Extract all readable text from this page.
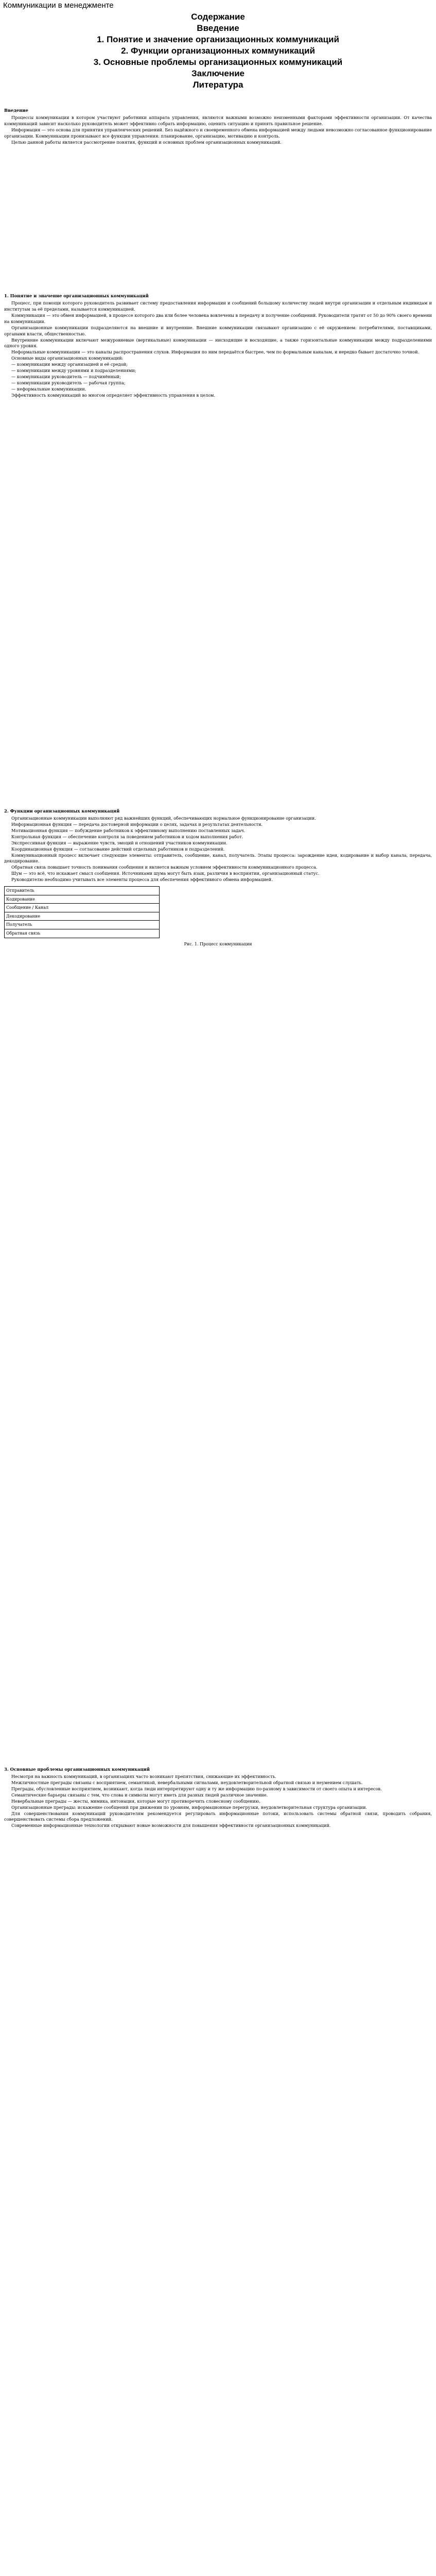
Коммуникации в менеджменте
Содержание
Введение
1. Понятие и значение организационных коммуникаций
2. Функции организационных коммуникаций
3. Основные проблемы организационных коммуникаций
Заключение
Литература
Введение

Процессы коммуникации в котором участвуют работники аппарата управления, являются важными возможно неизменными факторами эффективности организации. От качества коммуникаций зависит насколько руководитель может эффективно собрать информацию, оценить ситуацию и принять правильное решение.

Информация — это основа для принятия управленческих решений. Без надёжного и своевременного обмена информацией между людьми невозможно согласованное функционирование организации. Коммуникации пронизывают все функции управления: планирование, организацию, мотивацию и контроль.

Целью данной работы является рассмотрение понятия, функций и основных проблем организационных коммуникаций.

1. Понятие и значение организационных коммуникаций

Процесс, при помощи которого руководитель развивает систему предоставления информации и сообщений большому количеству людей внутри организации и отдельным индивидам и институтам за её пределами, называется коммуникацией.

Коммуникация — это обмен информацией, в процессе которого два или более человека вовлечены в передачу и получение сообщений. Руководители тратят от 50 до 90% своего времени на коммуникации.

Организационные коммуникации подразделяются на внешние и внутренние. Внешние коммуникации связывают организацию с её окружением: потребителями, поставщиками, органами власти, общественностью.

Внутренние коммуникации включают межуровневые (вертикальные) коммуникации — нисходящие и восходящие, а также горизонтальные коммуникации между подразделениями одного уровня.

Неформальные коммуникации — это каналы распространения слухов. Информация по ним передаётся быстрее, чем по формальным каналам, и нередко бывает достаточно точной.

Основные виды организационных коммуникаций:

— коммуникации между организацией и её средой;

— коммуникации между уровнями и подразделениями;

— коммуникации руководитель — подчинённый;

— коммуникации руководитель — рабочая группа;

— неформальные коммуникации.

Эффективность коммуникаций во многом определяет эффективность управления в целом.

2. Функции организационных коммуникаций

Организационные коммуникации выполняют ряд важнейших функций, обеспечивающих нормальное функционирование организации.

Информационная функция — передача достоверной информации о целях, задачах и результатах деятельности.

Мотивационная функция — побуждение работников к эффективному выполнению поставленных задач.

Контрольная функция — обеспечение контроля за поведением работников и ходом выполнения работ.

Экспрессивная функция — выражение чувств, эмоций и отношений участников коммуникации.

Координационная функция — согласование действий отдельных работников и подразделений.

Коммуникационный процесс включает следующие элементы: отправитель, сообщение, канал, получатель. Этапы процесса: зарождение идеи, кодирование и выбор канала, передача, декодирование.

Обратная связь повышает точность понимания сообщения и является важным условием эффективности коммуникационного процесса.

Шум — это всё, что искажает смысл сообщения. Источниками шума могут быть язык, различия в восприятии, организационный статус.

Руководителю необходимо учитывать все элементы процесса для обеспечения эффективного обмена информацией.

Отправитель
Кодирование
Сообщение / Канал
Декодирование
Получатель
Обратная связь
Рис. 1. Процесс коммуникации
3. Основные проблемы организационных коммуникаций

Несмотря на важность коммуникаций, в организациях часто возникают препятствия, снижающие их эффективность.

Межличностные преграды связаны с восприятием, семантикой, невербальными сигналами, неудовлетворительной обратной связью и неумением слушать.

Преграды, обусловленные восприятием, возникают, когда люди интерпретируют одну и ту же информацию по-разному в зависимости от своего опыта и интересов.

Семантические барьеры связаны с тем, что слова и символы могут иметь для разных людей различное значение.

Невербальные преграды — жесты, мимика, интонация, которые могут противоречить словесному сообщению.

Организационные преграды: искажение сообщений при движении по уровням, информационные перегрузки, неудовлетворительная структура организации.

Для совершенствования коммуникаций руководителям рекомендуется регулировать информационные потоки, использовать системы обратной связи, проводить собрания, совершенствовать системы сбора предложений.

Современные информационные технологии открывают новые возможности для повышения эффективности организационных коммуникаций.
